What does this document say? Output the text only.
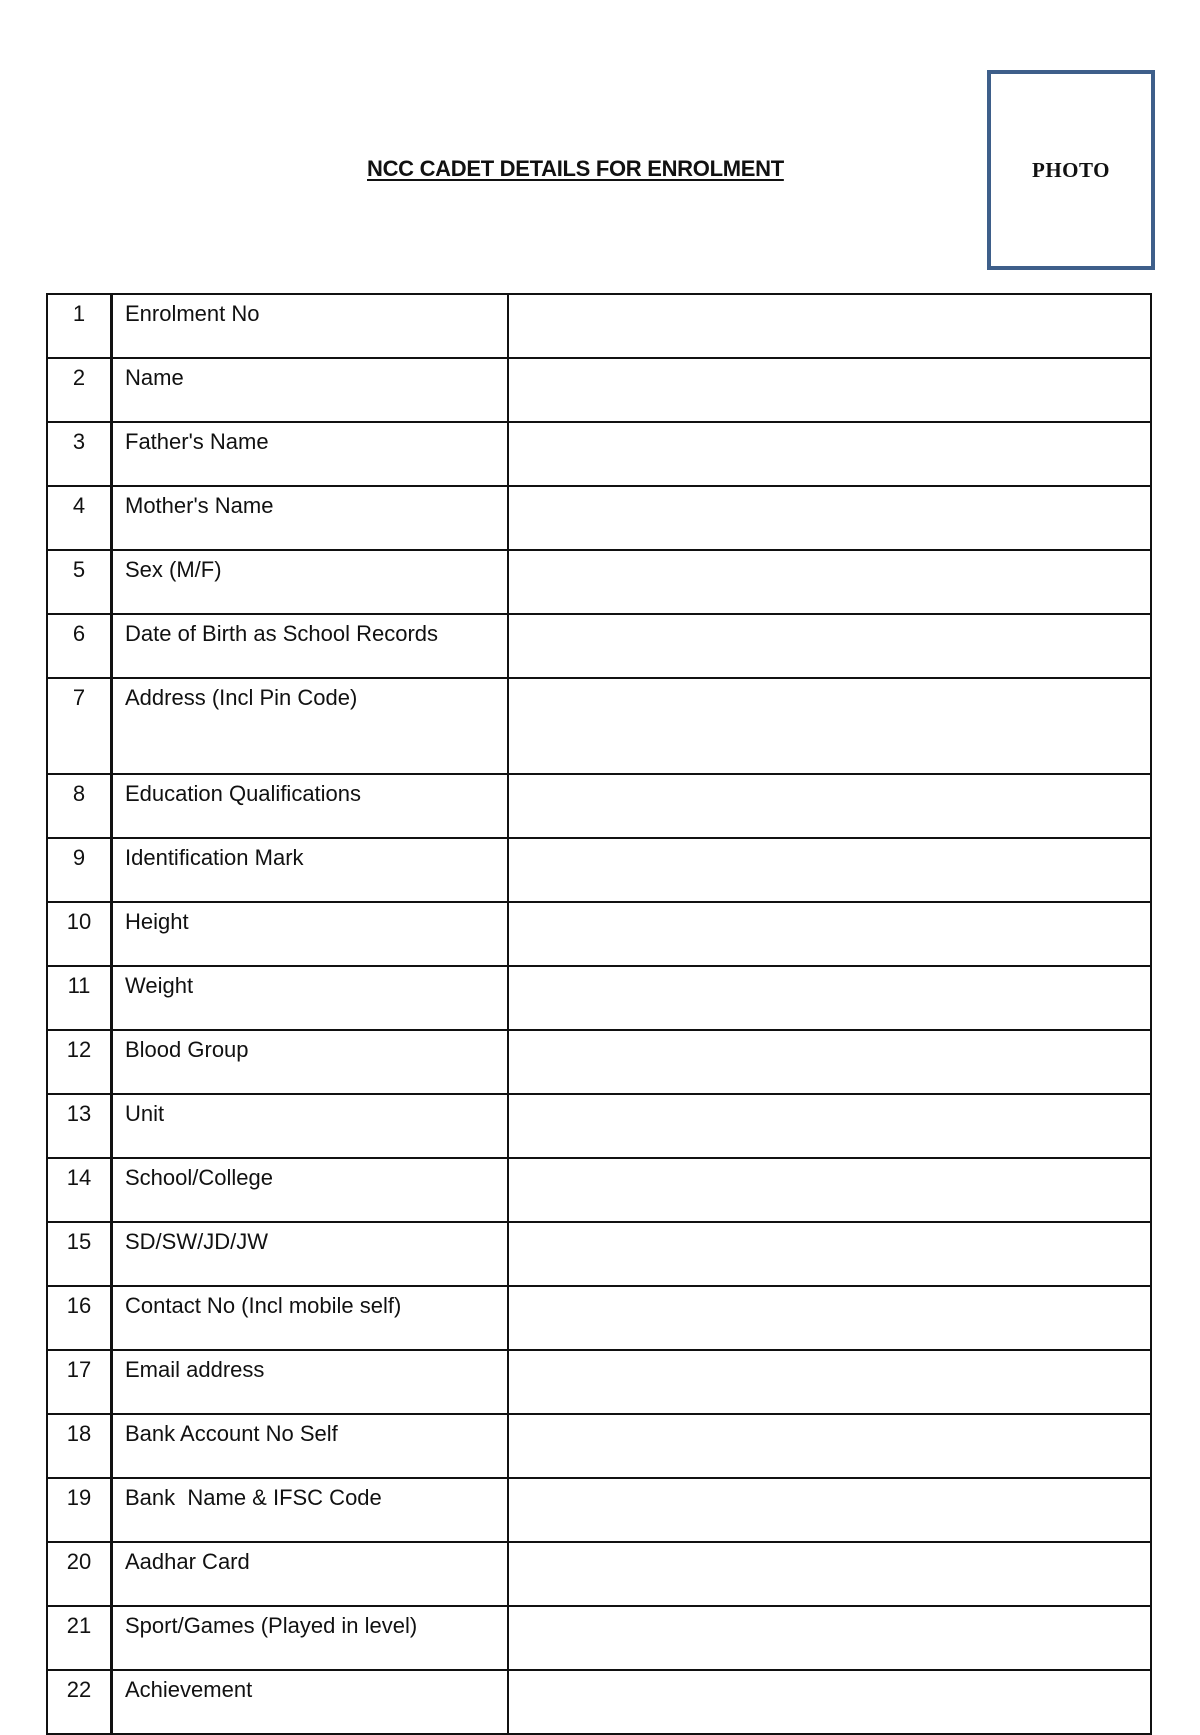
NCC CADET DETAILS FOR ENROLMENT	PHOTO
1	Enrolment No	
2	Name	
3	Father's Name	
4	Mother's Name	
5	Sex (M/F)	
6	Date of Birth as School Records	
7	Address (Incl Pin Code)	
8	Education Qualifications	
9	Identification Mark	
10	Height	
11	Weight	
12	Blood Group	
13	Unit	
14	School/College	
15	SD/SW/JD/JW	
16	Contact No (Incl mobile self)	
17	Email address	
18	Bank Account No Self	
19	Bank  Name & IFSC Code	
20	Aadhar Card	
21	Sport/Games (Played in level)	
22	Achievement	
